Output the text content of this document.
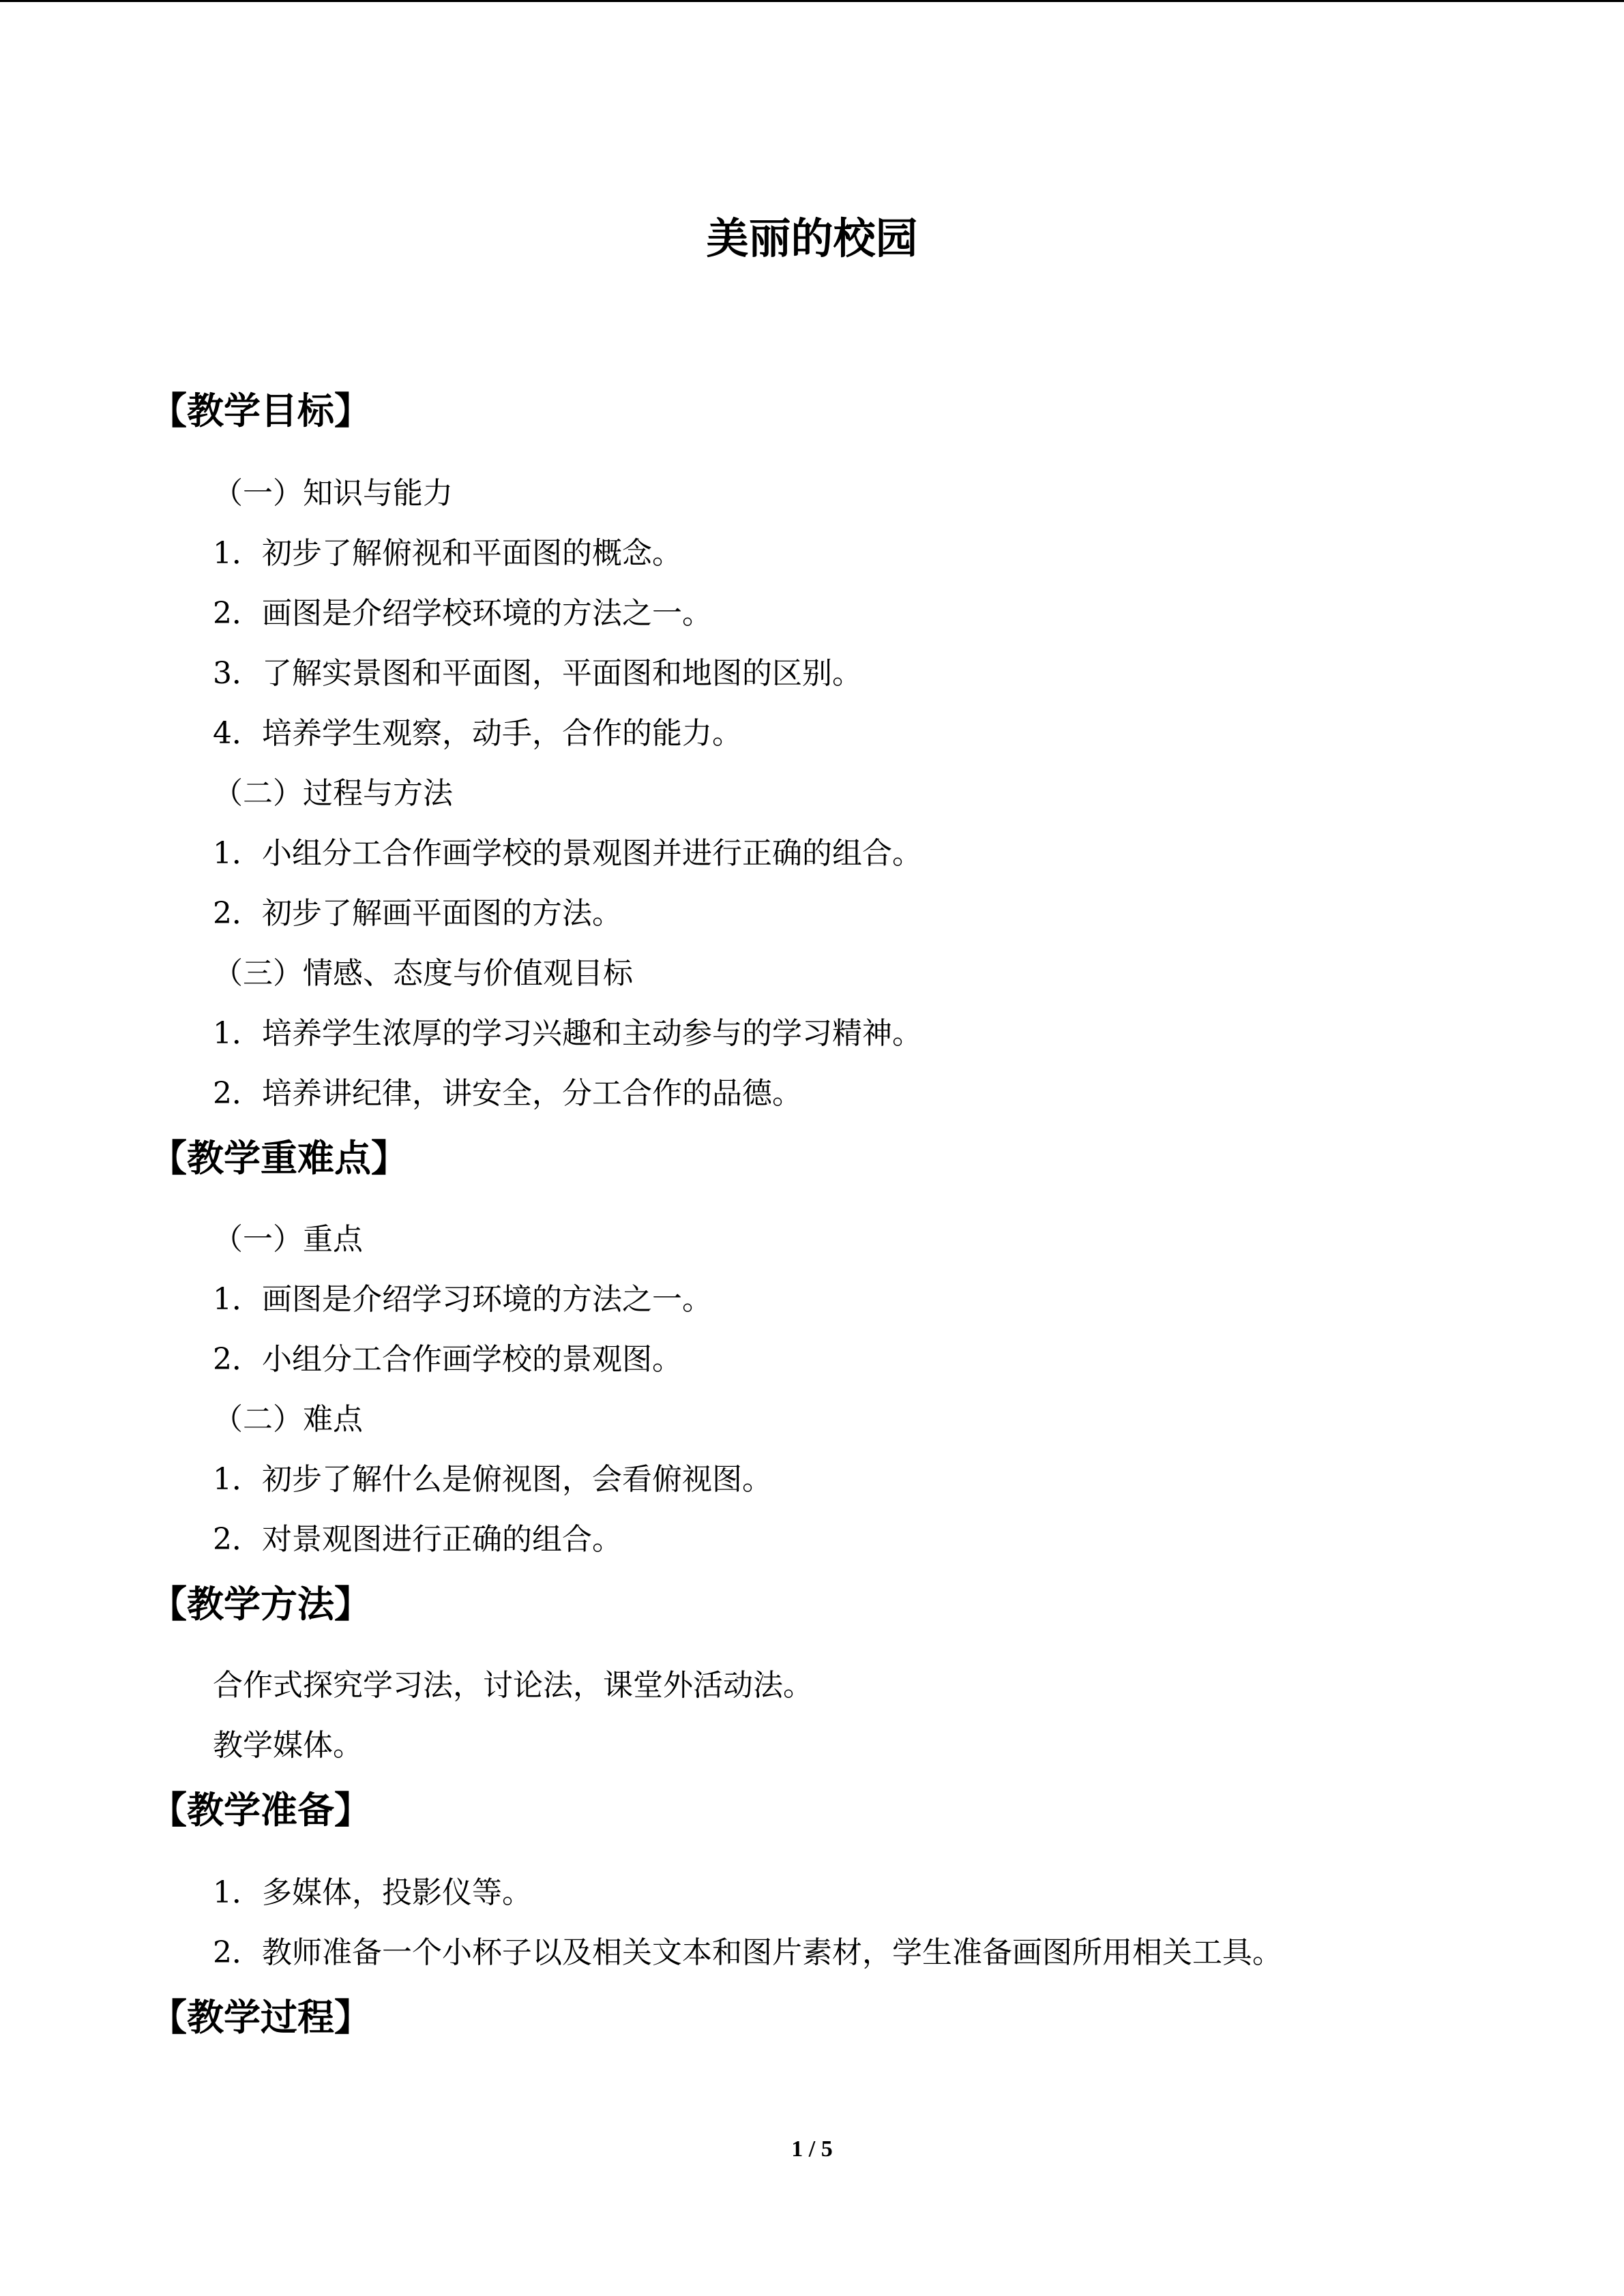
美丽的校园
【教学目标】
（一）知识与能力
1．初步了解俯视和平面图的概念。
2．画图是介绍学校环境的方法之一。
3．了解实景图和平面图，平面图和地图的区别。
4．培养学生观察，动手，合作的能力。
（二）过程与方法
1．小组分工合作画学校的景观图并进行正确的组合。
2．初步了解画平面图的方法。
（三）情感、态度与价值观目标
1．培养学生浓厚的学习兴趣和主动参与的学习精神。
2．培养讲纪律，讲安全，分工合作的品德。
【教学重难点】
（一）重点
1．画图是介绍学习环境的方法之一。
2．小组分工合作画学校的景观图。
（二）难点
1．初步了解什么是俯视图，会看俯视图。
2．对景观图进行正确的组合。
【教学方法】
合作式探究学习法，讨论法，课堂外活动法。
教学媒体。
【教学准备】
1．多媒体，投影仪等。
2．教师准备一个小杯子以及相关文本和图片素材，学生准备画图所用相关工具。
【教学过程】
1 / 5
